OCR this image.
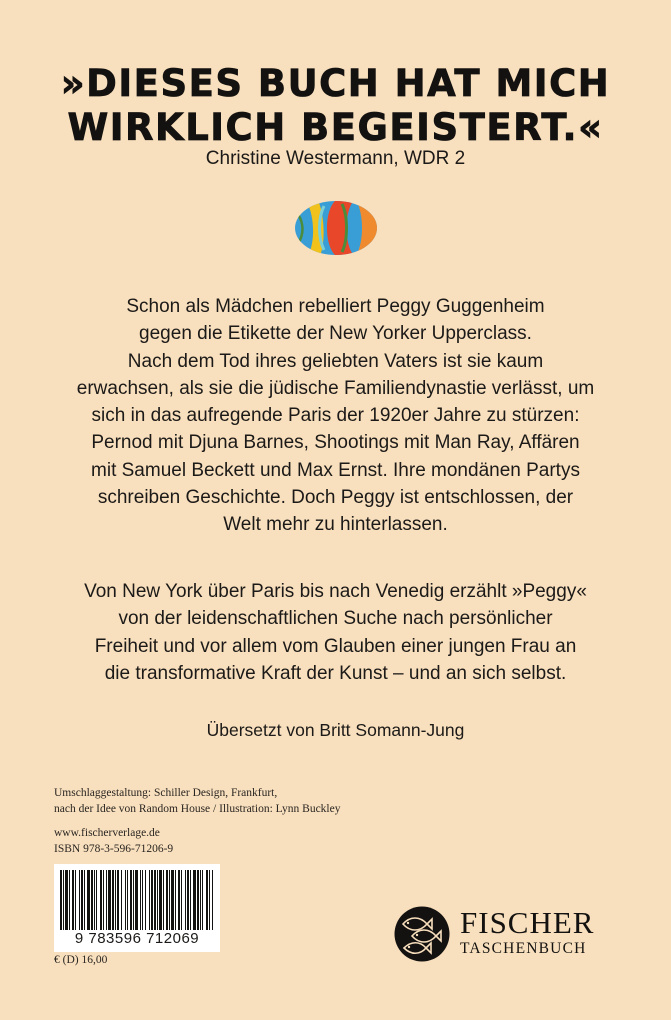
»DIESES BUCH HAT MICH
WIRKLICH BEGEISTERT.«
Christine Westermann, WDR 2
Schon als Mädchen rebelliert Peggy Guggenheim
gegen die Etikette der New Yorker Upperclass.
Nach dem Tod ihres geliebten Vaters ist sie kaum
erwachsen, als sie die jüdische Familiendynastie verlässt, um
sich in das aufregende Paris der 1920er Jahre zu stürzen:
Pernod mit Djuna Barnes, Shootings mit Man Ray, Affären
mit Samuel Beckett und Max Ernst. Ihre mondänen Partys
schreiben Geschichte. Doch Peggy ist entschlossen, der
Welt mehr zu hinterlassen.
Von New York über Paris bis nach Venedig erzählt »Peggy«
von der leidenschaftlichen Suche nach persönlicher
Freiheit und vor allem vom Glauben einer jungen Frau an
die transformative Kraft der Kunst – und an sich selbst.
Übersetzt von Britt Somann-Jung
Umschlaggestaltung: Schiller Design, Frankfurt,
nach der Idee von Random House / Illustration: Lynn Buckley
www.fischerverlage.de
ISBN 978-3-596-71206-9
9 783596 712069
€ (D) 16,00
FISCHER
TASCHENBUCH
